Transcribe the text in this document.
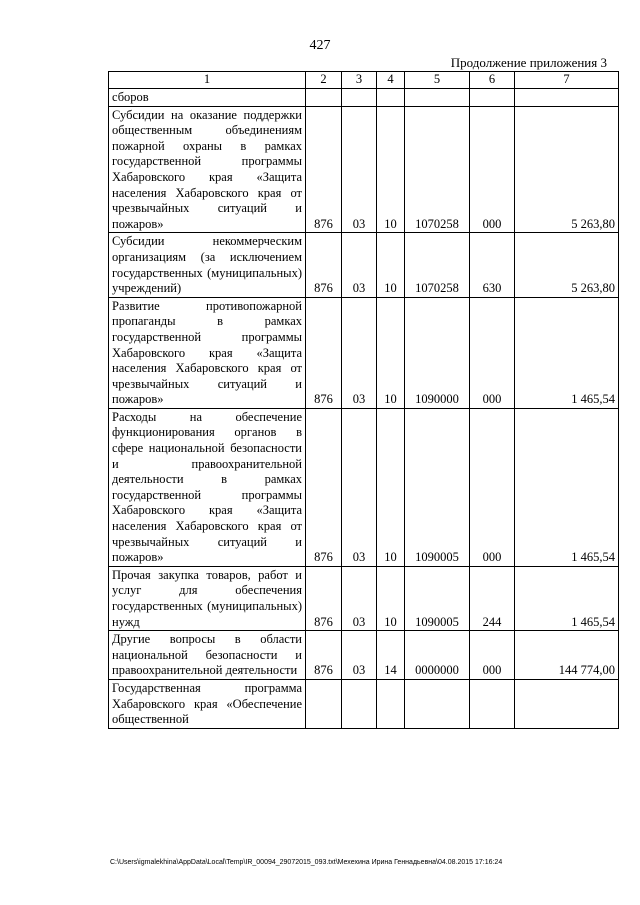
427
Продолжение приложения 3
1	2	3	4	5	6	7
сборов						
Субсидии на оказание поддержки общественным объединениям пожарной охраны в рамках государственной программы Хабаровского края «Защита населения Хабаровского края от чрезвычайных ситуаций и пожаров»	876	03	10	1070258	000	5 263,80
Субсидии некоммерческим организациям (за исключением государственных (муниципальных) учреждений)	876	03	10	1070258	630	5 263,80
Развитие противопожарной пропаганды в рамках государственной программы Хабаровского края «Защита населения Хабаровского края от чрезвычайных ситуаций и пожаров»	876	03	10	1090000	000	1 465,54
Расходы на обеспечение функционирования органов в сфере национальной безопасности и правоохранительной деятельности в рамках государственной программы Хабаровского края «Защита населения Хабаровского края от чрезвычайных ситуаций и пожаров»	876	03	10	1090005	000	1 465,54
Прочая закупка товаров, работ и услуг для обеспечения государственных (муниципальных) нужд	876	03	10	1090005	244	1 465,54
Другие вопросы в области национальной безопасности и правоохранительной деятельности	876	03	14	0000000	000	144 774,00
Государственная программа Хабаровского края «Обеспечение общественной						
C:\Users\igmalekhina\AppData\Local\Temp\IR_00094_29072015_093.txt\Мехехина Ирина Геннадьевна\04.08.2015 17:16:24
